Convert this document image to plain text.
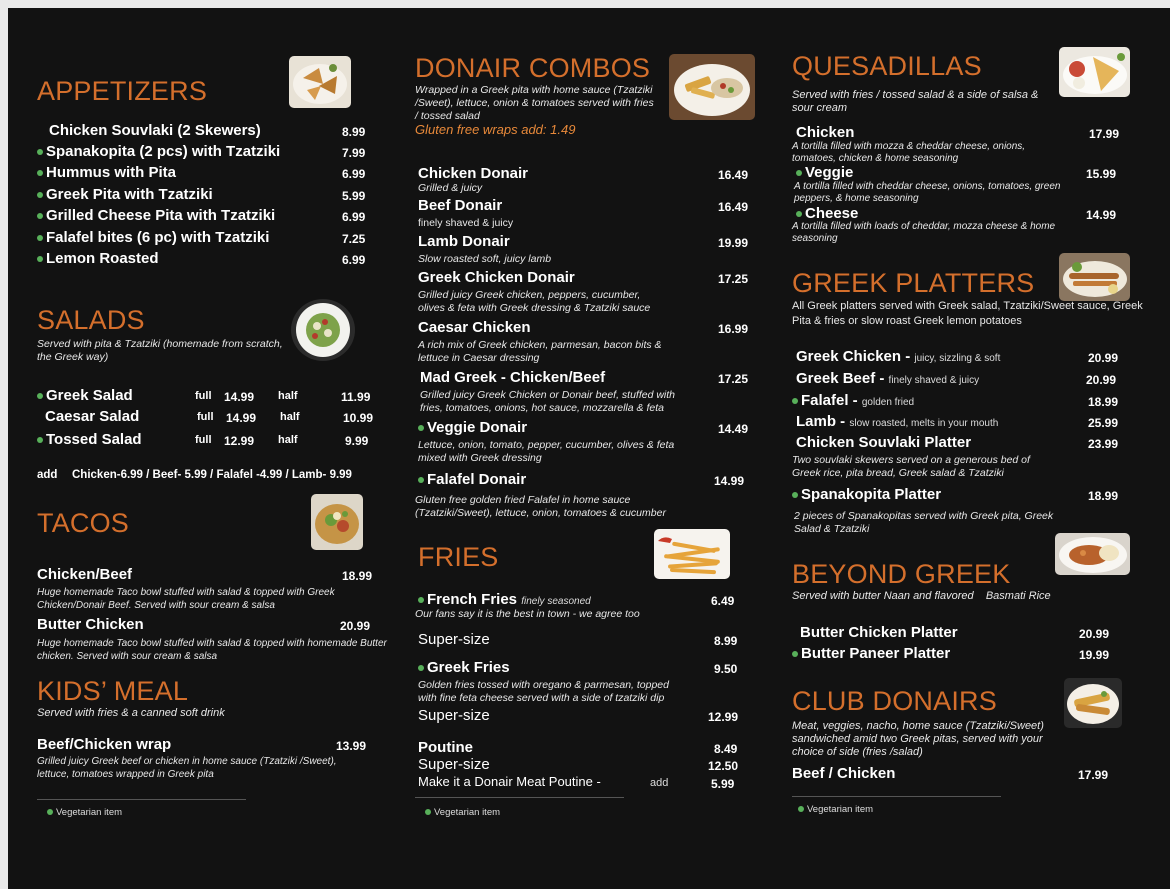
APPETIZERS
Chicken Souvlaki (2 Skewers)	8.99
Spanakopita (2 pcs) with Tzatziki	7.99
Hummus with Pita	6.99
Greek Pita with Tzatziki	5.99
Grilled Cheese Pita with Tzatziki	6.99
Falafel bites (6 pc) with Tzatziki	7.25
Lemon Roasted	6.99
SALADS
Served with pita & Tzatziki (homemade from scratch, the Greek way)
Greek Salad	full 14.99 half	11.99
Caesar Salad	full 14.99 half	10.99
Tossed Salad	full 12.99 half	9.99
add Chicken-6.99 / Beef- 5.99 / Falafel -4.99 / Lamb- 9.99
TACOS
Chicken/Beef	18.99
Huge homemade Taco bowl stuffed with salad & topped with Greek Chicken/Donair Beef. Served with sour cream & salsa
Butter Chicken	20.99
Huge homemade Taco bowl stuffed with salad & topped with homemade Butter chicken. Served with sour cream & salsa
KIDS’ MEAL
Served with fries & a canned soft drink
Beef/Chicken wrap	13.99
Grilled juicy Greek beef or chicken in home sauce (Tzatziki /Sweet), lettuce, tomatoes wrapped in Greek pita
Vegetarian item
DONAIR COMBOS
Wrapped in a Greek pita with home sauce (Tzatziki /Sweet), lettuce, onion & tomatoes served with fries / tossed salad
Gluten free wraps add: 1.49
Chicken Donair	16.49
Grilled & juicy
Beef Donair	16.49
finely shaved & juicy
Lamb Donair	19.99
Slow roasted soft, juicy lamb
Greek Chicken Donair	17.25
Grilled juicy Greek chicken, peppers, cucumber, olives & feta with Greek dressing & Tzatziki sauce
Caesar Chicken	16.99
A rich mix of Greek chicken, parmesan, bacon bits & lettuce in Caesar dressing
Mad Greek - Chicken/Beef	17.25
Grilled juicy Greek Chicken or Donair beef, stuffed with fries, tomatoes, onions, hot sauce, mozzarella & feta
Veggie Donair	14.49
Lettuce, onion, tomato, pepper, cucumber, olives & feta mixed with Greek dressing
Falafel Donair	14.99
Gluten free golden fried Falafel in home sauce (Tzatziki/Sweet), lettuce, onion, tomatoes & cucumber
FRIES
French Fries finely seasoned	6.49
Our fans say it is the best in town - we agree too
Super-size	8.99
Greek Fries	9.50
Golden fries tossed with oregano & parmesan, topped with fine feta cheese served with a side of tzatziki dip
Super-size	12.99
Poutine	8.49
Super-size	12.50
Make it a Donair Meat Poutine -	add	5.99
Vegetarian item
QUESADILLAS
Served with fries / tossed salad & a side of salsa & sour cream
Chicken	17.99
A tortilla filled with mozza & cheddar cheese, onions, tomatoes, chicken & home seasoning
Veggie	15.99
A tortilla filled with cheddar cheese, onions, tomatoes, green peppers, & home seasoning
Cheese	14.99
A tortilla filled with loads of cheddar, mozza cheese & home seasoning
GREEK PLATTERS
All Greek platters served with Greek salad, Tzatziki/Sweet sauce, Greek Pita & fries or slow roast Greek lemon potatoes
Greek Chicken - juicy, sizzling & soft	20.99
Greek Beef - finely shaved & juicy	20.99
Falafel - golden fried	18.99
Lamb - slow roasted, melts in your mouth	25.99
Chicken Souvlaki Platter	23.99
Two souvlaki skewers served on a generous bed of Greek rice, pita bread, Greek salad & Tzatziki
Spanakopita Platter	18.99
2 pieces of Spanakopitas served with Greek pita, Greek Salad & Tzatziki
BEYOND GREEK
Served with butter Naan and flavored    Basmati Rice
Butter Chicken Platter	20.99
Butter Paneer Platter	19.99
CLUB DONAIRS
Meat, veggies, nacho, home sauce (Tzatziki/Sweet) sandwiched amid two Greek pitas, served with your choice of side (fries /salad)
Beef / Chicken	17.99
Vegetarian item
